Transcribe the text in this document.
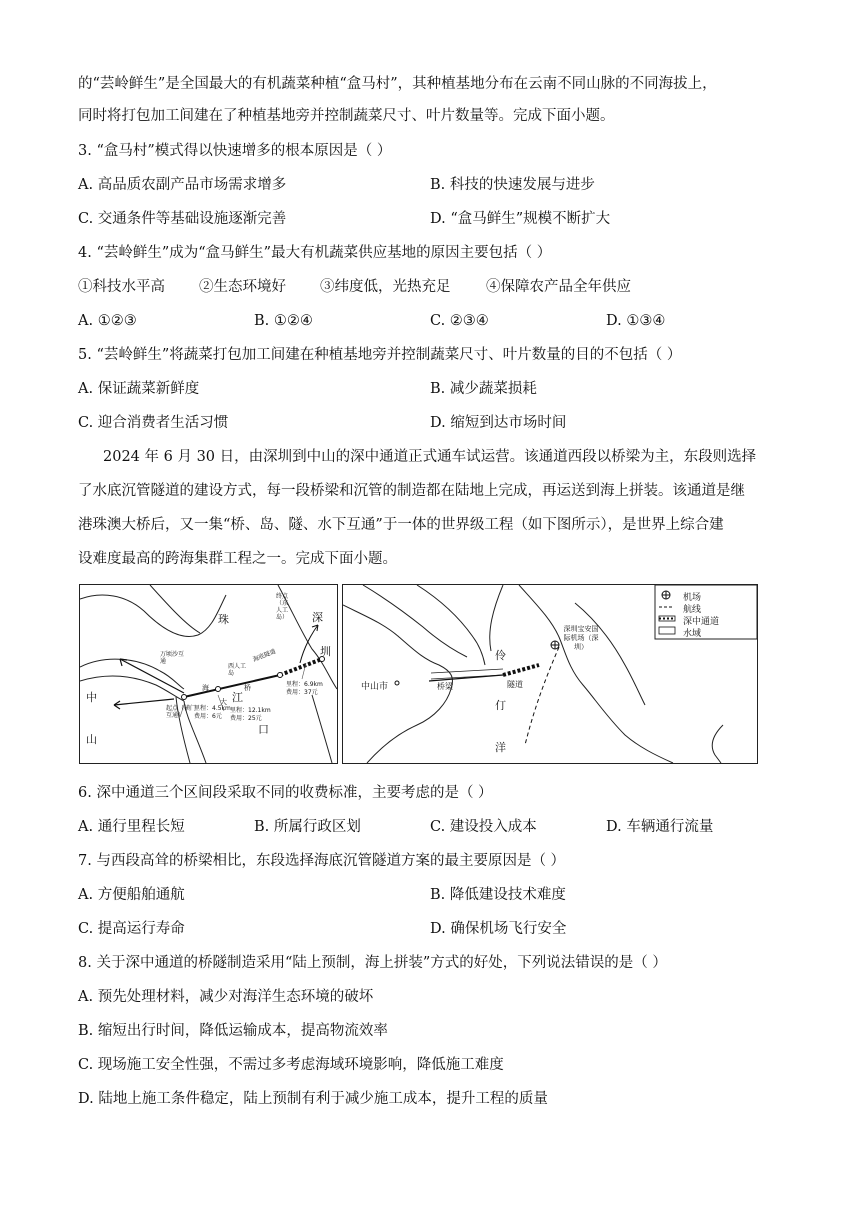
的“芸岭鲜生”是全国最大的有机蔬菜种植“盒马村”，其种植基地分布在云南不同山脉的不同海拔上，
同时将打包加工间建在了种植基地旁并控制蔬菜尺寸、叶片数量等。完成下面小题。
3. “盒马村”模式得以快速增多的根本原因是（ ）
A. 高品质农副产品市场需求增多	B. 科技的快速发展与进步
C. 交通条件等基础设施逐渐完善	D. “盒马鲜生”规模不断扩大
4. “芸岭鲜生”成为“盒马鲜生”最大有机蔬菜供应基地的原因主要包括（ ）
①科技水平高 ②生态环境好 ③纬度低，光热充足 ④保障农产品全年供应
A. ①②③	B. ①②④	C. ②③④	D. ①③④
5. “芸岭鲜生”将蔬菜打包加工间建在种植基地旁并控制蔬菜尺寸、叶片数量的目的不包括（ ）
A. 保证蔬菜新鲜度	B. 减少蔬菜损耗
C. 迎合消费者生活习惯	D. 缩短到达市场时间
2024 年 6 月 30 日，由深圳到中山的深中通道正式通车试运营。该通道西段以桥梁为主，东段则选择
了水底沉管隧道的建设方式，每一段桥梁和沉管的制造都在陆地上完成，再运送到海上拼装。该通道是继
港珠澳大桥后，又一集“桥、岛、隧、水下互通”于一体的世界级工程（如下图所示），是世界上综合建
设难度最高的跨海集群工程之一。完成下面小题。
珠	深
圳
江
口
中
山
海
大
桥
万顷沙互通
西人工岛
海底隧道
终点（东人工岛）
起点（横门互通）
里程：4.5km
费用：6元
里程：12.1km
费用：25元
里程：6.9km
费用：37元
机场
航线
深中通道
水域
深圳宝安国际机场（深圳）
中山市	桥梁	隧道
伶
仃
洋
6. 深中通道三个区间段采取不同的收费标准，主要考虑的是（ ）
A. 通行里程长短	B. 所属行政区划	C. 建设投入成本	D. 车辆通行流量
7. 与西段高耸的桥梁相比，东段选择海底沉管隧道方案的最主要原因是（ ）
A. 方便船舶通航	B. 降低建设技术难度
C. 提高运行寿命	D. 确保机场飞行安全
8. 关于深中通道的桥隧制造采用“陆上预制，海上拼装”方式的好处，下列说法错误的是（ ）
A. 预先处理材料，减少对海洋生态环境的破坏
B. 缩短出行时间，降低运输成本，提高物流效率
C. 现场施工安全性强，不需过多考虑海域环境影响，降低施工难度
D. 陆地上施工条件稳定，陆上预制有利于减少施工成本，提升工程的质量
